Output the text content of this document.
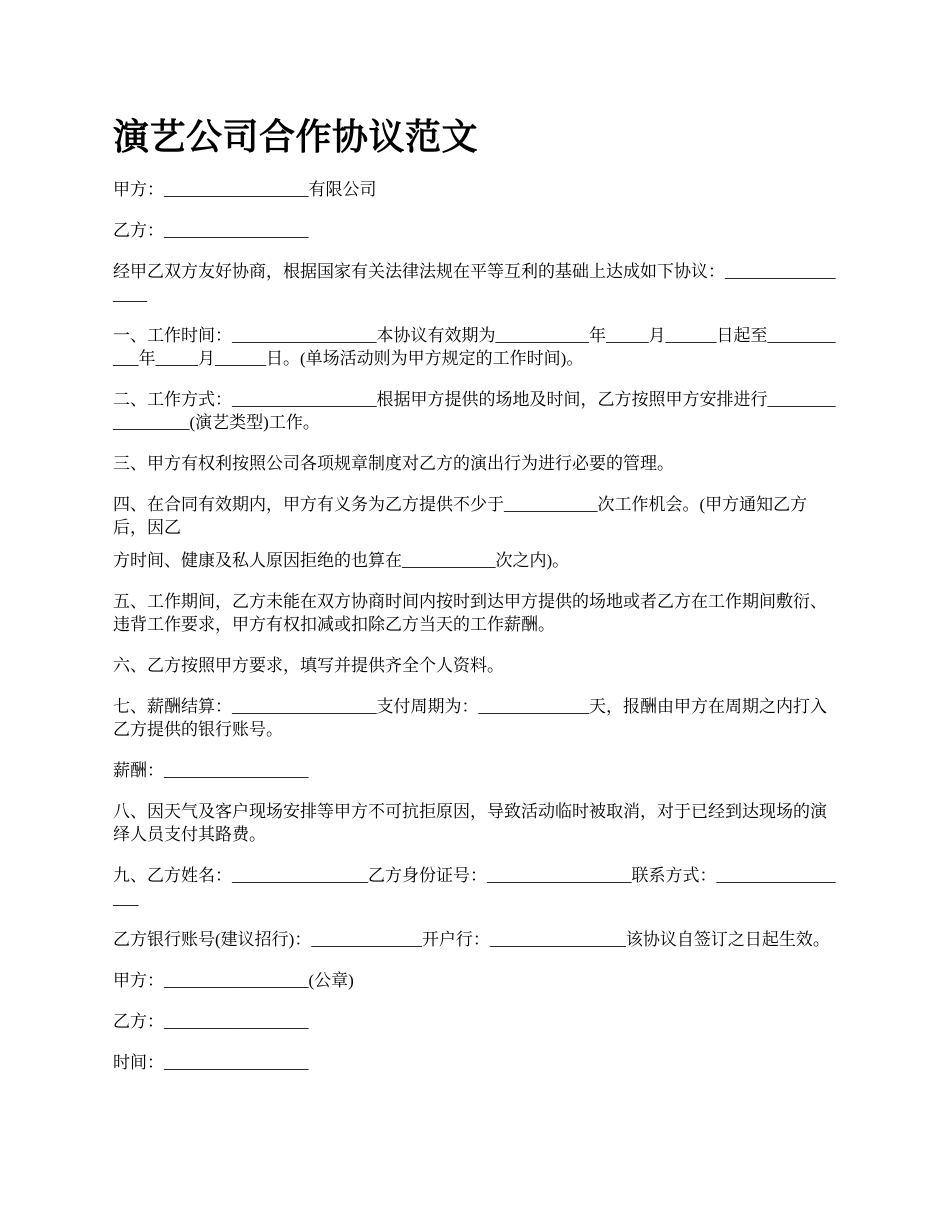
演艺公司合作协议范文

甲方：_________________有限公司

乙方：_________________

经甲乙双方友好协商，根据国家有关法律法规在平等互利的基础上达成如下协议：_________________

一、工作时间：_________________本协议有效期为___________年_____月______日起至___________年_____月______日。(单场活动则为甲方规定的工作时间)。

二、工作方式：_________________根据甲方提供的场地及时间，乙方按照甲方安排进行_________________(演艺类型)工作。

三、甲方有权利按照公司各项规章制度对乙方的演出行为进行必要的管理。

四、在合同有效期内，甲方有义务为乙方提供不少于___________次工作机会。(甲方通知乙方后，因乙

方时间、健康及私人原因拒绝的也算在___________次之内)。

五、工作期间，乙方未能在双方协商时间内按时到达甲方提供的场地或者乙方在工作期间敷衍、违背工作要求，甲方有权扣减或扣除乙方当天的工作薪酬。

六、乙方按照甲方要求，填写并提供齐全个人资料。

七、薪酬结算：_________________支付周期为：_____________天，报酬由甲方在周期之内打入乙方提供的银行账号。

薪酬：_________________

八、因天气及客户现场安排等甲方不可抗拒原因，导致活动临时被取消，对于已经到达现场的演绎人员支付其路费。

九、乙方姓名：________________乙方身份证号：_________________联系方式：_________________

乙方银行账号(建议招行)：_____________开户行：________________该协议自签订之日起生效。

甲方：_________________(公章)

乙方：_________________

时间：_________________
